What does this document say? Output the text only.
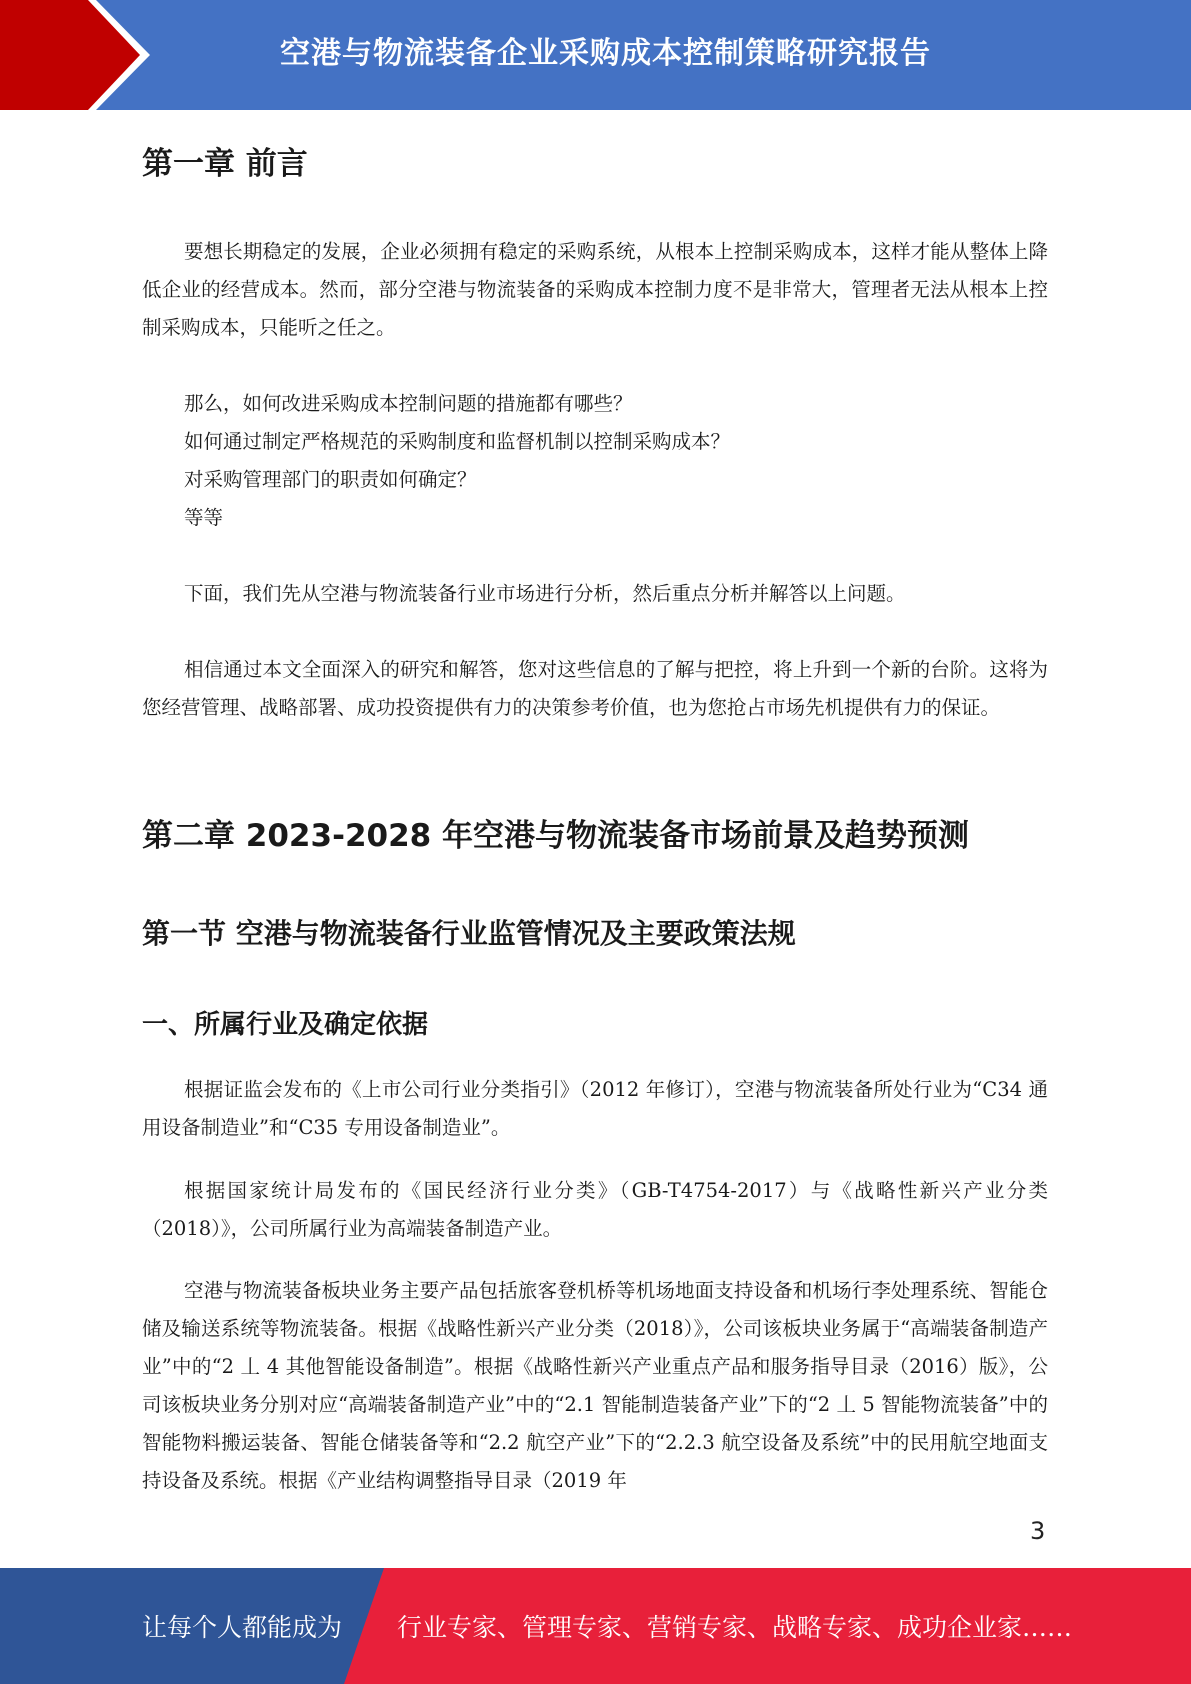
空港与物流装备企业采购成本控制策略研究报告
第一章 前言

要想长期稳定的发展，企业必须拥有稳定的采购系统，从根本上控制采购成本，这样才能从整体上降低企业的经营成本。然而，部分空港与物流装备的采购成本控制力度不是非常大，管理者无法从根本上控制采购成本，只能听之任之。

那么，如何改进采购成本控制问题的措施都有哪些？

如何通过制定严格规范的采购制度和监督机制以控制采购成本？

对采购管理部门的职责如何确定？

等等

下面，我们先从空港与物流装备行业市场进行分析，然后重点分析并解答以上问题。

相信通过本文全面深入的研究和解答，您对这些信息的了解与把控，将上升到一个新的台阶。这将为您经营管理、战略部署、成功投资提供有力的决策参考价值，也为您抢占市场先机提供有力的保证。

第二章 2023-2028 年空港与物流装备市场前景及趋势预测
第一节 空港与物流装备行业监管情况及主要政策法规
一、所属行业及确定依据

根据证监会发布的《上市公司行业分类指引》（2012 年修订），空港与物流装备所处行业为“C34 通用设备制造业”和“C35 专用设备制造业”。

根据国家统计局发布的《国民经济行业分类》（GB-T4754-2017）与《战略性新兴产业分类（2018）》，公司所属行业为高端装备制造产业。

空港与物流装备板块业务主要产品包括旅客登机桥等机场地面支持设备和机场行李处理系统、智能仓储及输送系统等物流装备。根据《战略性新兴产业分类（2018）》，公司该板块业务属于“高端装备制造产业”中的“2 丄 4 其他智能设备制造”。根据《战略性新兴产业重点产品和服务指导目录（2016）版》，公司该板块业务分别对应“高端装备制造产业”中的“2.1 智能制造装备产业”下的“2 丄 5 智能物流装备”中的智能物料搬运装备、智能仓储装备等和“2.2 航空产业”下的“2.2.3 航空设备及系统”中的民用航空地面支持设备及系统。根据《产业结构调整指导目录（2019 年

3
让每个人都能成为 行业专家、管理专家、营销专家、战略专家、成功企业家……
